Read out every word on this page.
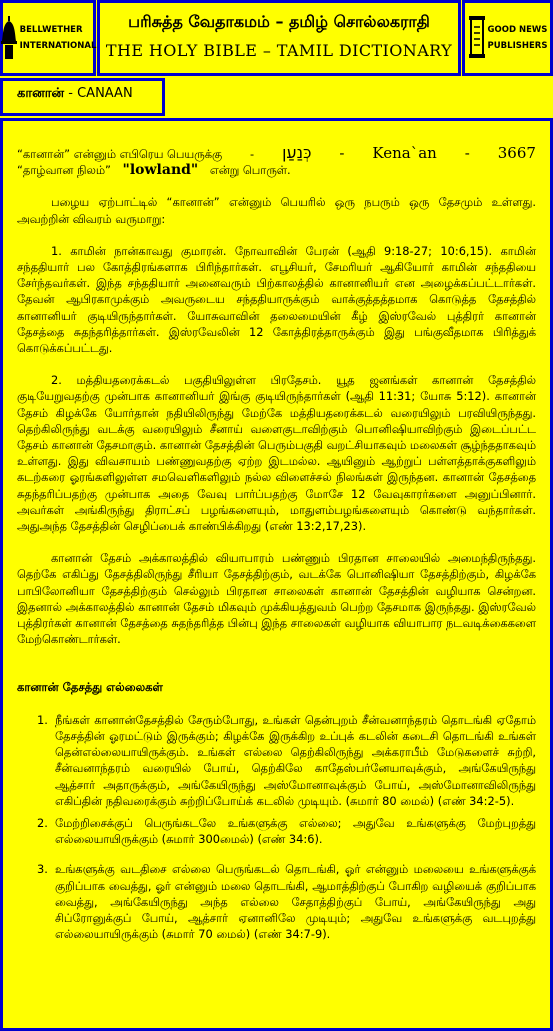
BELLWETHER
INTERNATIONAL
பரிசுத்த வேதாகமம் – தமிழ் சொல்லகராதி
THE HOLY BIBLE – TAMIL DICTIONARY
GOOD NEWS
PUBLISHERS
கானான் - CANAAN
“கானான்” என்னும் எபிரெய பெயருக்கு - כְּנַעַן - Kena`an - 3667

“தாழ்வான நிலம்” "lowland" என்று பொருள்.

பழைய ஏற்பாட்டில் “கானான்” என்னும் பெயரில் ஒரு நபரும் ஒரு தேசமும் உள்ளது. அவற்றின் விவரம் வருமாறு:

1. காமின் நான்காவது குமாரன். நோவாவின் பேரன் (ஆதி 9:18-27; 10:6,15). காமின் சந்ததியார் பல கோத்திரங்களாக பிரிந்தார்கள். எபூசியர், சேமரியர் ஆகியோர் காமின் சந்ததியை சேர்ந்தவர்கள். இந்த சந்ததியார் அனைவரும் பிற்காலத்தில் கானானியர் என அழைக்கப்பட்டார்கள். தேவன் ஆபிரகாமுக்கும் அவருடைய சந்ததியாருக்கும் வாக்குத்தத்தமாக கொடுத்த தேசத்தில் கானானியர் குடியிருந்தார்கள். யோசுவாவின் தலைமையின் கீழ் இஸ்ரவேல் புத்திரர் கானான் தேசத்தை சுதந்தரித்தார்கள். இஸ்ரவேலின் 12 கோத்திரத்தாருக்கும் இது பங்குவீதமாக பிரித்துக் கொடுக்கப்பட்டது.

2. மத்தியதரைக்கடல் பகுதியிலுள்ள பிரதேசம். யூத ஜனங்கள் கானான் தேசத்தில் குடியேறுவதற்கு முன்பாக கானானியர் இங்கு குடியிருந்தார்கள் (ஆதி 11:31; யோசு 5:12). கானான் தேசம் கிழக்கே யோர்தான் நதியிலிருந்து மேற்கே மத்தியதரைக்கடல் வரையிலும் பரவியிருந்தது. தெற்கிலிருந்து வடக்கு வரையிலும் சீனாய் வளைகுடாவிற்கும் பொனிஷியாவிற்கும் இடைப்பட்ட தேசம் கானான் தேசமாகும். கானான் தேசத்தின் பெரும்பகுதி வறட்சியாகவும் மலைகள் சூழ்ந்ததாகவும் உள்ளது. இது விவசாயம் பண்ணுவதற்கு ஏற்ற இடமல்ல. ஆயினும் ஆற்றுப் பள்ளத்தாக்குகளிலும் கடற்கரை ஓரங்களிலுள்ள சமவெளிகளிலும் நல்ல விளைச்சல் நிலங்கள் இருந்தன. கானான் தேசத்தை சுதந்தரிப்பதற்கு முன்பாக அதை வேவு பார்ப்பதற்கு மோசே 12 வேவுகாரர்களை அனுப்பினார். அவர்கள் அங்கிருந்து திராட்சப் பழங்களையும், மாதுளம்பழங்களையும் கொண்டு வந்தார்கள். அதுஅந்த தேசத்தின் செழிப்பைக் காண்பிக்கிறது (எண் 13:2,17,23).

கானான் தேசம் அக்காலத்தில் வியாபாரம் பண்ணும் பிரதான சாலையில் அமைந்திருந்தது. தெற்கே எகிப்து தேசத்திலிருந்து சீரியா தேசத்திற்கும், வடக்கே பொனிஷியா தேசத்திற்கும், கிழக்கே பாபிலோனியா தேசத்திற்கும் செல்லும் பிரதான சாலைகள் கானான் தேசத்தின் வழியாக சென்றன. இதனால் அக்காலத்தில் கானான் தேசம் மிகவும் முக்கியத்துவம் பெற்ற தேசமாக இருந்தது. இஸ்ரவேல் புத்திரர்கள் கானான் தேசத்தை சுதந்தரித்த பின்பு இந்த சாலைகள் வழியாக வியாபார நடவடிக்கைகளை மேற்கொண்டார்கள்.

கானான் தேசத்து எல்லைகள்

1. நீங்கள் கானான்தேசத்தில் சேரும்போது, உங்கள் தென்புறம் சீன்வனாந்தரம் தொடங்கி ஏதோம் தேசத்தின் ஓரமட்டும் இருக்கும்; கிழக்கே இருக்கிற உப்புக் கடலின் கடைசி தொடங்கி உங்கள் தென்எல்லையாயிருக்கும். உங்கள் எல்லை தெற்கிலிருந்து அக்கராபீம் மேடுகளைச் சுற்றி, சீன்வனாந்தரம் வரையில் போய், தெற்கிலே காதேஸ்பர்னேயாவுக்கும், அங்கேயிருந்து ஆத்சார் அதாருக்கும், அங்கேயிருந்து அஸ்மோனாவுக்கும் போய், அஸ்மோனாவிலிருந்து எகிப்தின் நதிவரைக்கும் சுற்றிப்போய்க் கடலில் முடியும். (சுமார் 80 மைல்) (எண் 34:2-5).
2. மேற்றிசைக்குப் பெருங்கடலே உங்களுக்கு எல்லை; அதுவே உங்களுக்கு மேற்புறத்து எல்லையாயிருக்கும் (சுமார் 300மைல்) (எண் 34:6).
3. உங்களுக்கு வடதிசை எல்லை பெருங்கடல் தொடங்கி, ஓர் என்னும் மலையை உங்களுக்குக் குறிப்பாக வைத்து, ஓர் என்னும் மலை தொடங்கி, ஆமாத்திற்குப் போகிற வழியைக் குறிப்பாக வைத்து, அங்கேயிருந்து அந்த எல்லை சேதாத்திற்குப் போய், அங்கேயிருந்து அது சிப்ரோனுக்குப் போய், ஆத்சார் ஏனானிலே முடியும்; அதுவே உங்களுக்கு வடபுறத்து எல்லையாயிருக்கும் (சுமார் 70 மைல்) (எண் 34:7-9).
